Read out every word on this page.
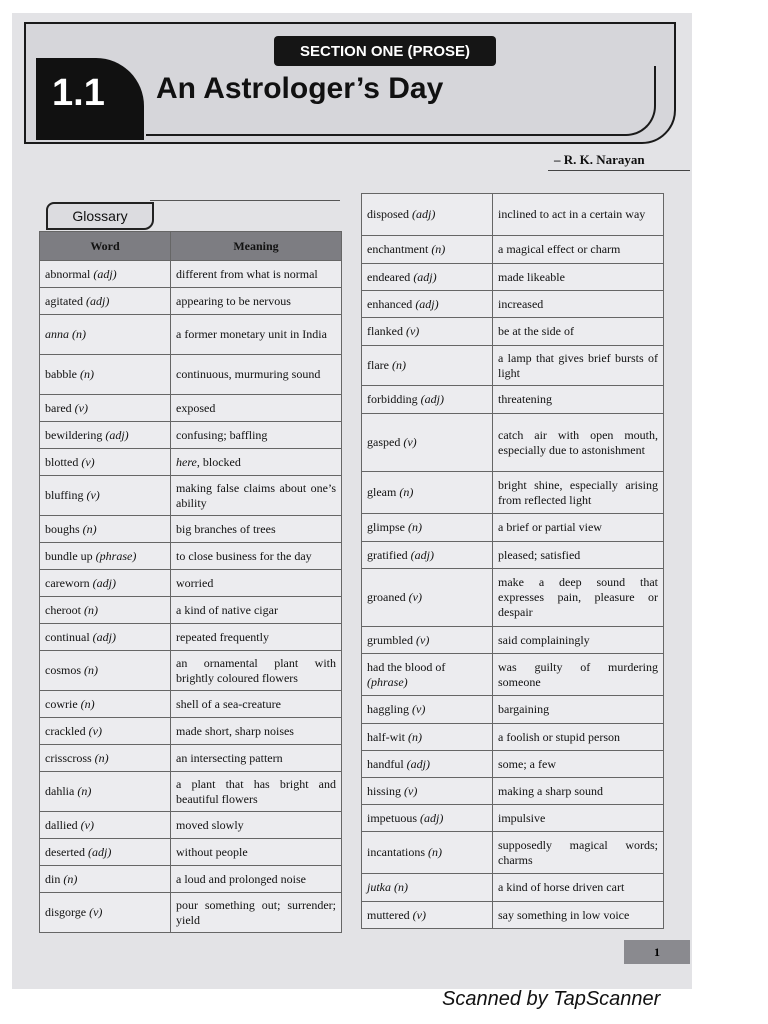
1.1
SECTION ONE (PROSE)
An Astrologer’s Day
– R. K. Narayan
Glossary
Word	Meaning
abnormal (adj)	different from what is normal
agitated (adj)	appearing to be nervous
anna (n)	a former monetary unit in India
babble (n)	continuous, murmuring sound
bared (v)	exposed
bewildering (adj)	confusing; baffling
blotted (v)	here, blocked
bluffing (v)	making false claims about one’s ability
boughs (n)	big branches of trees
bundle up (phrase)	to close business for the day
careworn (adj)	worried
cheroot (n)	a kind of native cigar
continual (adj)	repeated frequently
cosmos (n)	an ornamental plant with brightly coloured flowers
cowrie (n)	shell of a sea-creature
crackled (v)	made short, sharp noises
crisscross (n)	an intersecting pattern
dahlia (n)	a plant that has bright and beautiful flowers
dallied (v)	moved slowly
deserted (adj)	without people
din (n)	a loud and prolonged noise
disgorge (v)	pour something out; surrender; yield
disposed (adj)	inclined to act in a certain way
enchantment (n)	a magical effect or charm
endeared (adj)	made likeable
enhanced (adj)	increased
flanked (v)	be at the side of
flare (n)	a lamp that gives brief bursts of light
forbidding (adj)	threatening
gasped (v)	catch air with open mouth, especially due to astonishment
gleam (n)	bright shine, especially arising from reflected light
glimpse (n)	a brief or partial view
gratified (adj)	pleased; satisfied
groaned (v)	make a deep sound that expresses pain, pleasure or despair
grumbled (v)	said complainingly
had the blood of (phrase)	was guilty of murdering someone
haggling (v)	bargaining
half-wit (n)	a foolish or stupid person
handful (adj)	some; a few
hissing (v)	making a sharp sound
impetuous (adj)	impulsive
incantations (n)	supposedly magical words; charms
jutka (n)	a kind of horse driven cart
muttered (v)	say something in low voice
1
Scanned by TapScanner
